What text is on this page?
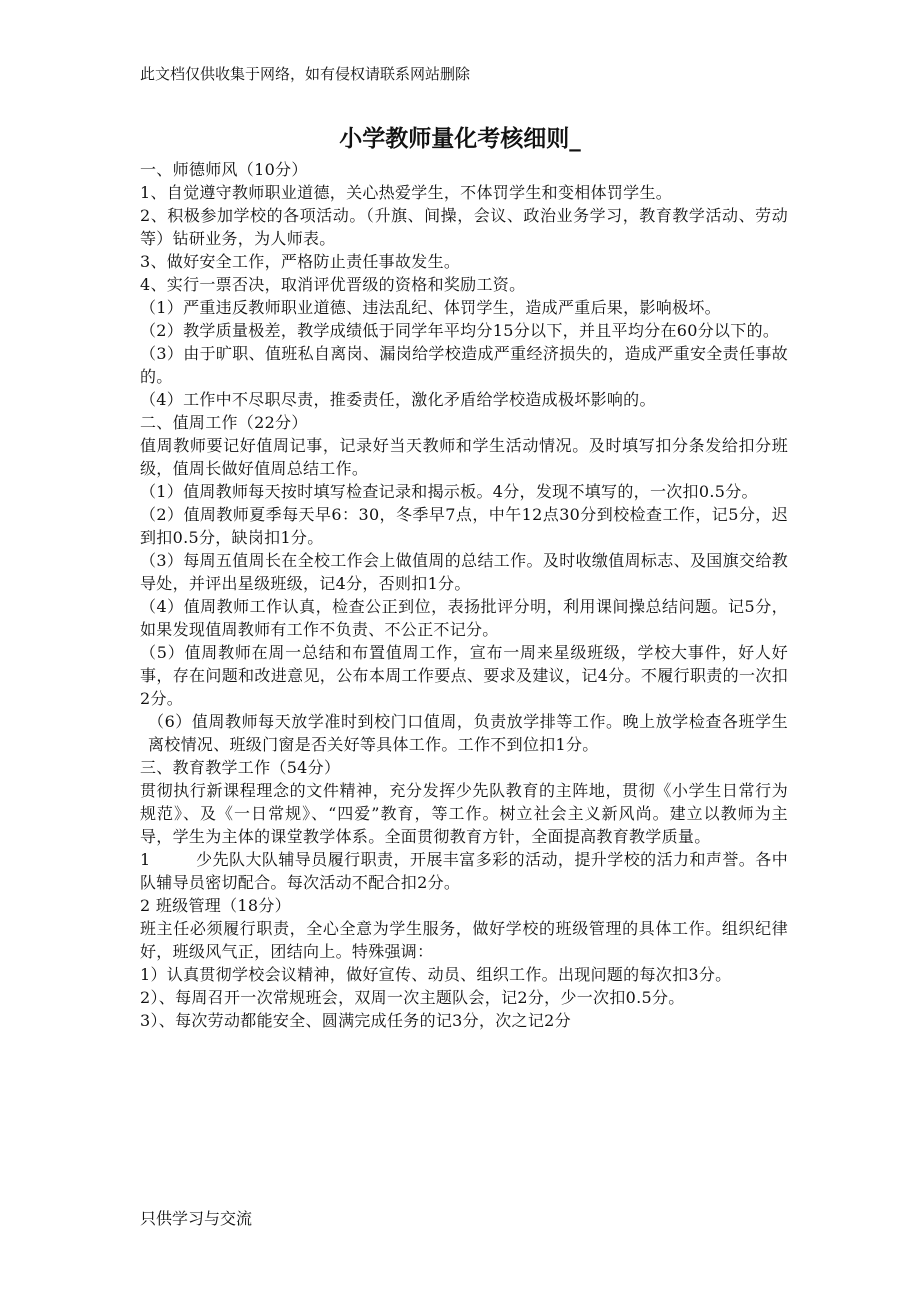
此文档仅供收集于网络，如有侵权请联系网站删除
小学教师量化考核细则_

一、师德师风（10分）

1、自觉遵守教师职业道德，关心热爱学生，不体罚学生和变相体罚学生。

2、积极参加学校的各项活动。（升旗、间操，会议、政治业务学习，教育教学活动、劳动等）钻研业务，为人师表。

3、做好安全工作，严格防止责任事故发生。

4、实行一票否决，取消评优晋级的资格和奖励工资。

（1）严重违反教师职业道德、违法乱纪、体罚学生，造成严重后果，影响极坏。

（2）教学质量极差，教学成绩低于同学年平均分15分以下，并且平均分在60分以下的。

（3）由于旷职、值班私自离岗、漏岗给学校造成严重经济损失的，造成严重安全责任事故的。

（4）工作中不尽职尽责，推委责任，激化矛盾给学校造成极坏影响的。

二、值周工作（22分）

值周教师要记好值周记事，记录好当天教师和学生活动情况。及时填写扣分条发给扣分班级，值周长做好值周总结工作。

（1）值周教师每天按时填写检查记录和揭示板。4分，发现不填写的，一次扣0.5分。

（2）值周教师夏季每天早6：30，冬季早7点，中午12点30分到校检查工作，记5分，迟到扣0.5分，缺岗扣1分。

（3）每周五值周长在全校工作会上做值周的总结工作。及时收缴值周标志、及国旗交给教导处，并评出星级班级，记4分，否则扣1分。

（4）值周教师工作认真，检查公正到位，表扬批评分明，利用课间操总结问题。记5分，如果发现值周教师有工作不负责、不公正不记分。

（5）值周教师在周一总结和布置值周工作，宣布一周来星级班级，学校大事件，好人好事，存在问题和改进意见，公布本周工作要点、要求及建议，记4分。不履行职责的一次扣2分。

（6）值周教师每天放学准时到校门口值周，负责放学排等工作。晚上放学检查各班学生离校情况、班级门窗是否关好等具体工作。工作不到位扣1分。

三、教育教学工作（54分）

贯彻执行新课程理念的文件精神，充分发挥少先队教育的主阵地，贯彻《小学生日常行为规范》、及《一日常规》、“四爱”教育，等工作。树立社会主义新风尚。建立以教师为主导，学生为主体的课堂教学体系。全面贯彻教育方针，全面提高教育教学质量。

1	少先队大队辅导员履行职责，开展丰富多彩的活动，提升学校的活力和声誉。各中队辅导员密切配合。每次活动不配合扣2分。

2 班级管理（18分）

班主任必须履行职责，全心全意为学生服务，做好学校的班级管理的具体工作。组织纪律好，班级风气正，团结向上。特殊强调：

1）认真贯彻学校会议精神，做好宣传、动员、组织工作。出现问题的每次扣3分。

2）、每周召开一次常规班会，双周一次主题队会，记2分，少一次扣0.5分。

3）、每次劳动都能安全、圆满完成任务的记3分，次之记2分

只供学习与交流
